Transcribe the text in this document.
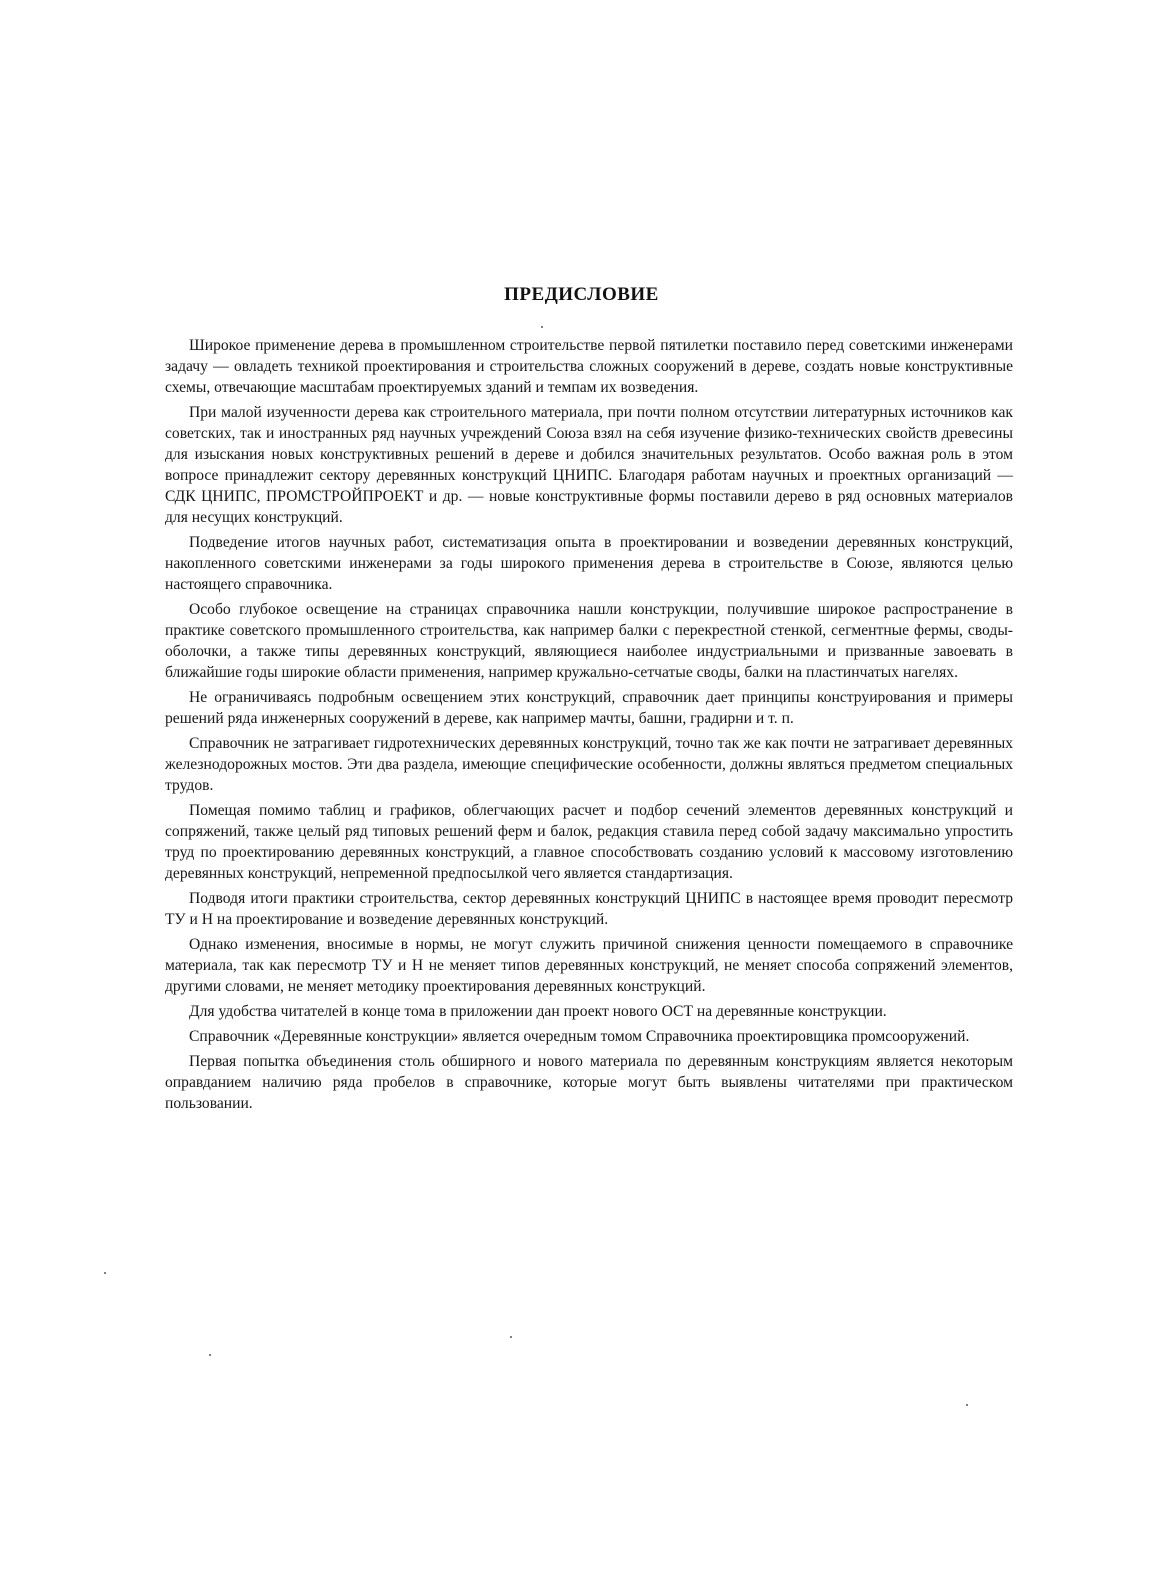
ПРЕДИСЛОВИЕ

Широкое применение дерева в промышленном строительстве первой пятилетки поставило перед советскими инженерами задачу — овладеть техникой проектирования и строительства сложных сооружений в дереве, создать новые конструктивные схемы, отвечающие масштабам проектируемых зданий и темпам их возведения.

При малой изученности дерева как строительного материала, при почти полном отсутствии литературных источников как советских, так и иностранных ряд научных учреждений Союза взял на себя изучение физико-технических свойств древесины для изыскания новых конструктивных решений в дереве и добился значительных результатов. Особо важная роль в этом вопросе принадлежит сектору деревянных конструкций ЦНИПС. Благодаря работам научных и проектных организаций — СДК ЦНИПС, ПРОМСТРОЙПРОЕКТ и др. — новые конструктивные формы поставили дерево в ряд основных материалов для несущих конструкций.

Подведение итогов научных работ, систематизация опыта в проектировании и возведении деревянных конструкций, накопленного советскими инженерами за годы широкого применения дерева в строительстве в Союзе, являются целью настоящего справочника.

Особо глубокое освещение на страницах справочника нашли конструкции, получившие широкое распространение в практике советского промышленного строительства, как например балки с перекрестной стенкой, сегментные фермы, своды-оболочки, а также типы деревянных конструкций, являющиеся наиболее индустриальными и призванные завоевать в ближайшие годы широкие области применения, например кружально-сетчатые своды, балки на пластинчатых нагелях.

Не ограничиваясь подробным освещением этих конструкций, справочник дает принципы конструирования и примеры решений ряда инженерных сооружений в дереве, как например мачты, башни, градирни и т. п.

Справочник не затрагивает гидротехнических деревянных конструкций, точно так же как почти не затрагивает деревянных железнодорожных мостов. Эти два раздела, имеющие специфические особенности, должны являться предметом специальных трудов.

Помещая помимо таблиц и графиков, облегчающих расчет и подбор сечений элементов деревянных конструкций и сопряжений, также целый ряд типовых решений ферм и балок, редакция ставила перед собой задачу максимально упростить труд по проектированию деревянных конструкций, а главное способствовать созданию условий к массовому изготовлению деревянных конструкций, непременной предпосылкой чего является стандартизация.

Подводя итоги практики строительства, сектор деревянных конструкций ЦНИПС в настоящее время проводит пересмотр ТУ и Н на проектирование и возведение деревянных конструкций.

Однако изменения, вносимые в нормы, не могут служить причиной снижения ценности помещаемого в справочнике материала, так как пересмотр ТУ и Н не меняет типов деревянных конструкций, не меняет способа сопряжений элементов, другими словами, не меняет методику проектирования деревянных конструкций.

Для удобства читателей в конце тома в приложении дан проект нового ОСТ на деревянные конструкции.

Справочник «Деревянные конструкции» является очередным томом Справочника проектировщика промсооружений.

Первая попытка объединения столь обширного и нового материала по деревянным конструкциям является некоторым оправданием наличию ряда пробелов в справочнике, которые могут быть выявлены читателями при практическом пользовании.
